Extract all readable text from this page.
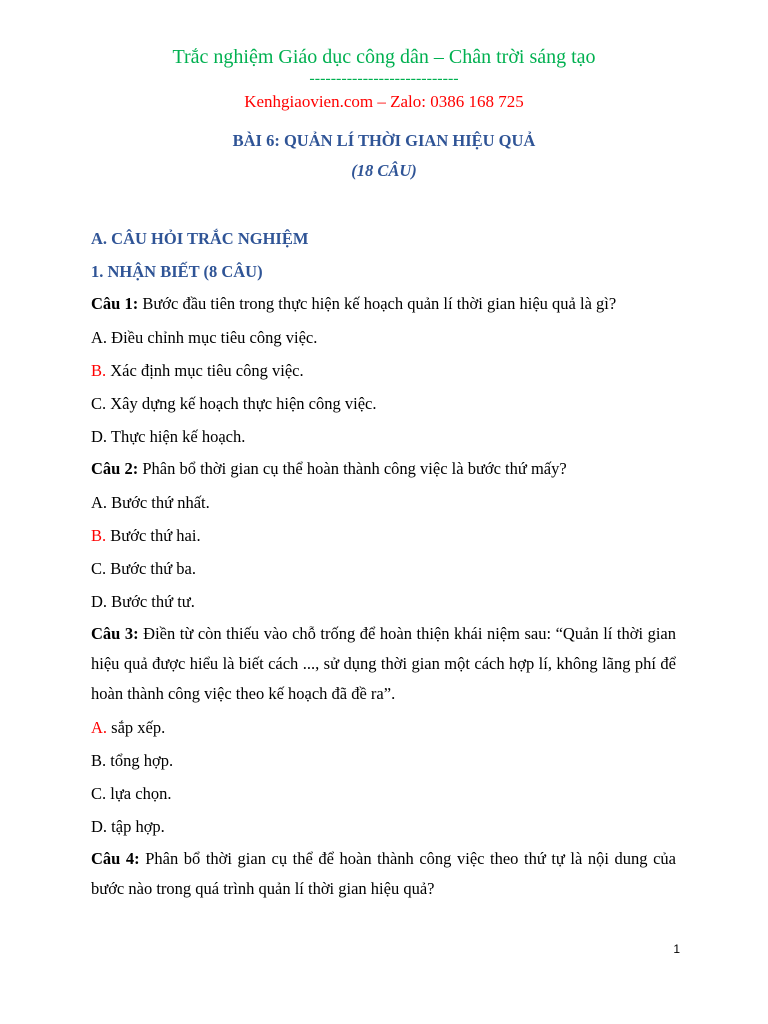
Trắc nghiệm Giáo dục công dân – Chân trời sáng tạo
----------------------------
Kenhgiaovien.com – Zalo: 0386 168 725
BÀI 6: QUẢN LÍ THỜI GIAN HIỆU QUẢ
(18 CÂU)

A. CÂU HỎI TRẮC NGHIỆM

1. NHẬN BIẾT (8 CÂU)

Câu 1: Bước đầu tiên trong thực hiện kế hoạch quản lí thời gian hiệu quả là gì?

A. Điều chỉnh mục tiêu công việc.

B. Xác định mục tiêu công việc.

C. Xây dựng kế hoạch thực hiện công việc.

D. Thực hiện kế hoạch.

Câu 2: Phân bổ thời gian cụ thể hoàn thành công việc là bước thứ mấy?

A. Bước thứ nhất.

B. Bước thứ hai.

C. Bước thứ ba.

D. Bước thứ tư.

Câu 3: Điền từ còn thiếu vào chỗ trống để hoàn thiện khái niệm sau: “Quản lí thời gian hiệu quả được hiểu là biết cách ..., sử dụng thời gian một cách hợp lí, không lãng phí để hoàn thành công việc theo kế hoạch đã đề ra”.

A. sắp xếp.

B. tổng hợp.

C. lựa chọn.

D. tập hợp.

Câu 4: Phân bổ thời gian cụ thể để hoàn thành công việc theo thứ tự là nội dung của bước nào trong quá trình quản lí thời gian hiệu quả?

1
